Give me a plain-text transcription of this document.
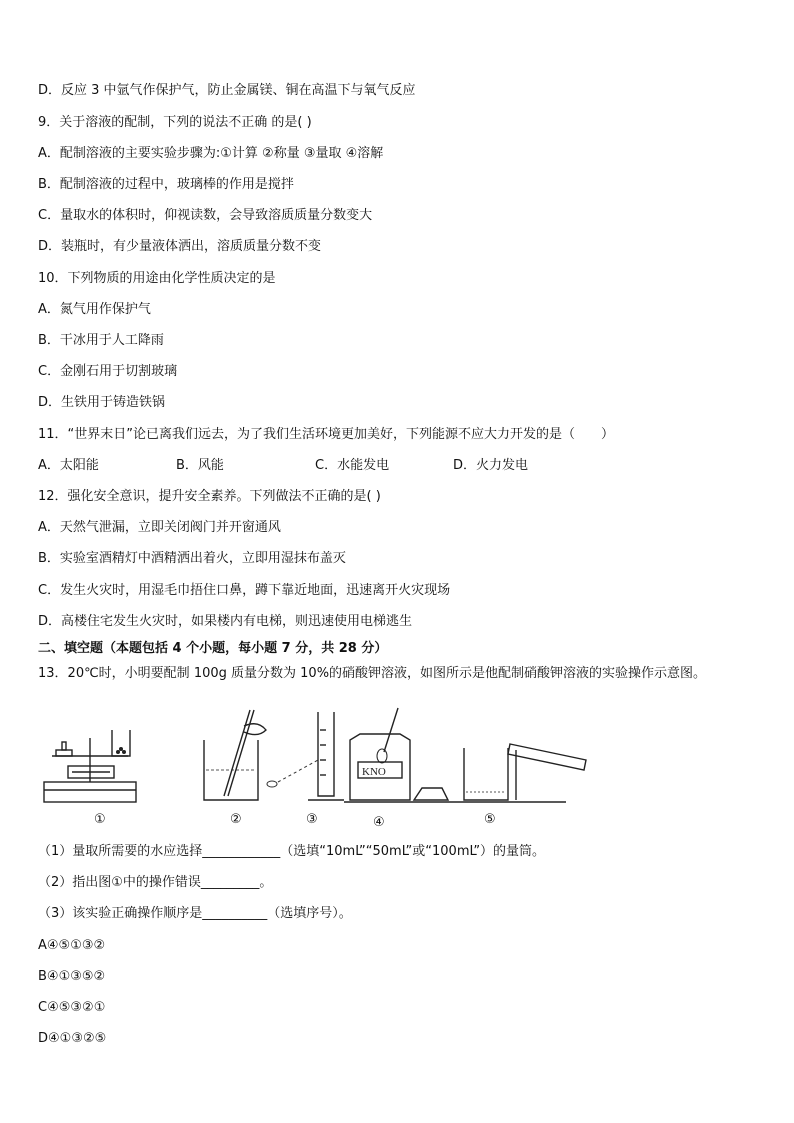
D．反应 3 中氩气作保护气，防止金属镁、铜在高温下与氧气反应
9．关于溶液的配制，下列的说法不正确 的是( )
A．配制溶液的主要实验步骤为:①计算 ②称量 ③量取 ④溶解
B．配制溶液的过程中，玻璃棒的作用是搅拌
C．量取水的体积时，仰视读数，会导致溶质质量分数变大
D．装瓶时，有少量液体洒出，溶质质量分数不变
10．下列物质的用途由化学性质决定的是
A．氮气用作保护气
B．干冰用于人工降雨
C．金刚石用于切割玻璃
D．生铁用于铸造铁锅
11．“世界末日”论已离我们远去，为了我们生活环境更加美好，下列能源不应大力开发的是（　　）
A．太阳能	B．风能	C．水能发电	D．火力发电
12．强化安全意识，提升安全素养。下列做法不正确的是( )
A．天然气泄漏，立即关闭阀门并开窗通风
B．实验室酒精灯中酒精洒出着火，立即用湿抹布盖灭
C．发生火灾时，用湿毛巾捂住口鼻，蹲下靠近地面，迅速离开火灾现场
D．高楼住宅发生火灾时，如果楼内有电梯，则迅速使用电梯逃生
二、填空题（本题包括 4 个小题，每小题 7 分，共 28 分）
13．20℃时，小明要配制 100g 质量分数为 10%的硝酸钾溶液，如图所示是他配制硝酸钾溶液的实验操作示意图。
KNO
①	②	③	④	⑤
（1）量取所需要的水应选择____________（选填“10mL”“50mL”或“100mL”）的量筒。
（2）指出图①中的操作错误_________。
（3）该实验正确操作顺序是__________（选填序号）。
A④⑤①③②
B④①③⑤②
C④⑤③②①
D④①③②⑤
